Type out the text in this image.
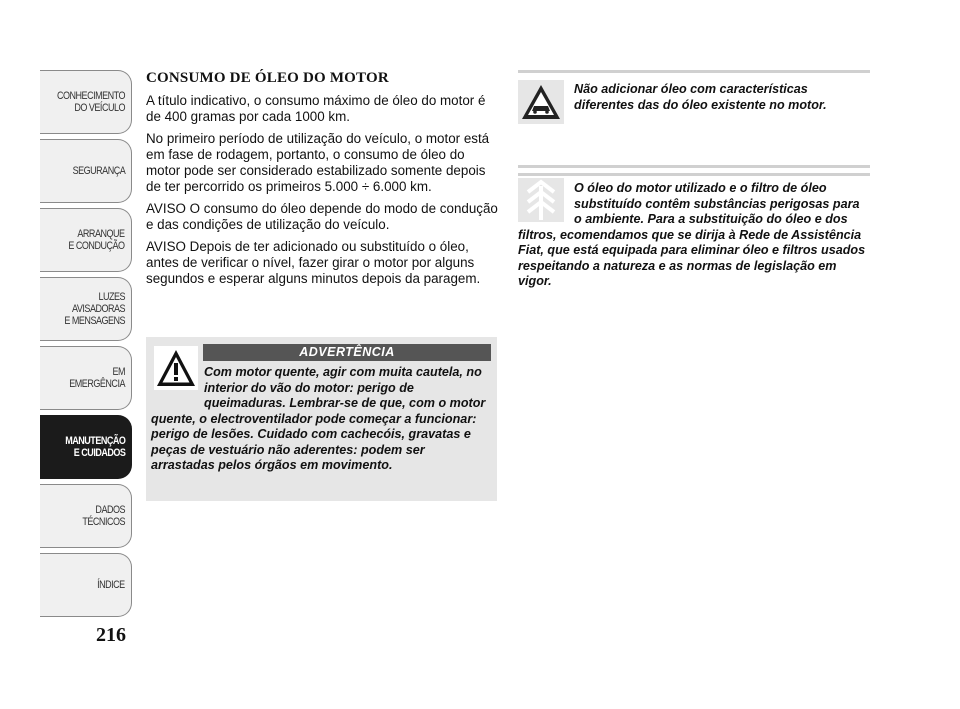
CONHECIMENTO
DO VEÍCULO
SEGURANÇA
ARRANQUE
E CONDUÇÃO
LUZES
AVISADORAS
E MENSAGENS
EM EMERGÊNCIA
MANUTENÇÃO
E CUIDADOS
DADOS
TÉCNICOS
ÍNDICE
216
CONSUMO DE ÓLEO DO MOTOR

A título indicativo, o consumo máximo de óleo do motor é de 400 gramas por cada 1000 km.

No primeiro período de utilização do veículo, o motor está em fase de rodagem, portanto, o consumo de óleo do motor pode ser considerado estabilizado somente depois de ter percorrido os primeiros 5.000 ÷ 6.000 km.

AVISO O consumo do óleo depende do modo de condução e das condições de utilização do veículo.

AVISO Depois de ter adicionado ou substituído o óleo, antes de verificar o nível, fazer girar o motor por alguns segundos e esperar alguns minutos depois da paragem.

ADVERTÊNCIA
Com motor quente, agir com muita cautela, no interior do vão do motor: perigo de queimaduras. Lembrar-se de que, com o motor quente, o electroventilador pode começar a funcionar: perigo de lesões. Cuidado com cachecóis, gravatas e peças de vestuário não aderentes: podem ser arrastadas pelos órgãos em movimento.
Não adicionar óleo com características diferentes das do óleo existente no motor.
O óleo do motor utilizado e o filtro de óleo substituído contêm substâncias perigosas para o ambiente. Para a substituição do óleo e dos filtros, ecomendamos que se dirija à Rede de Assistência Fiat, que está equipada para eliminar óleo e filtros usados respeitando a natureza e as normas de legislação em vigor.
